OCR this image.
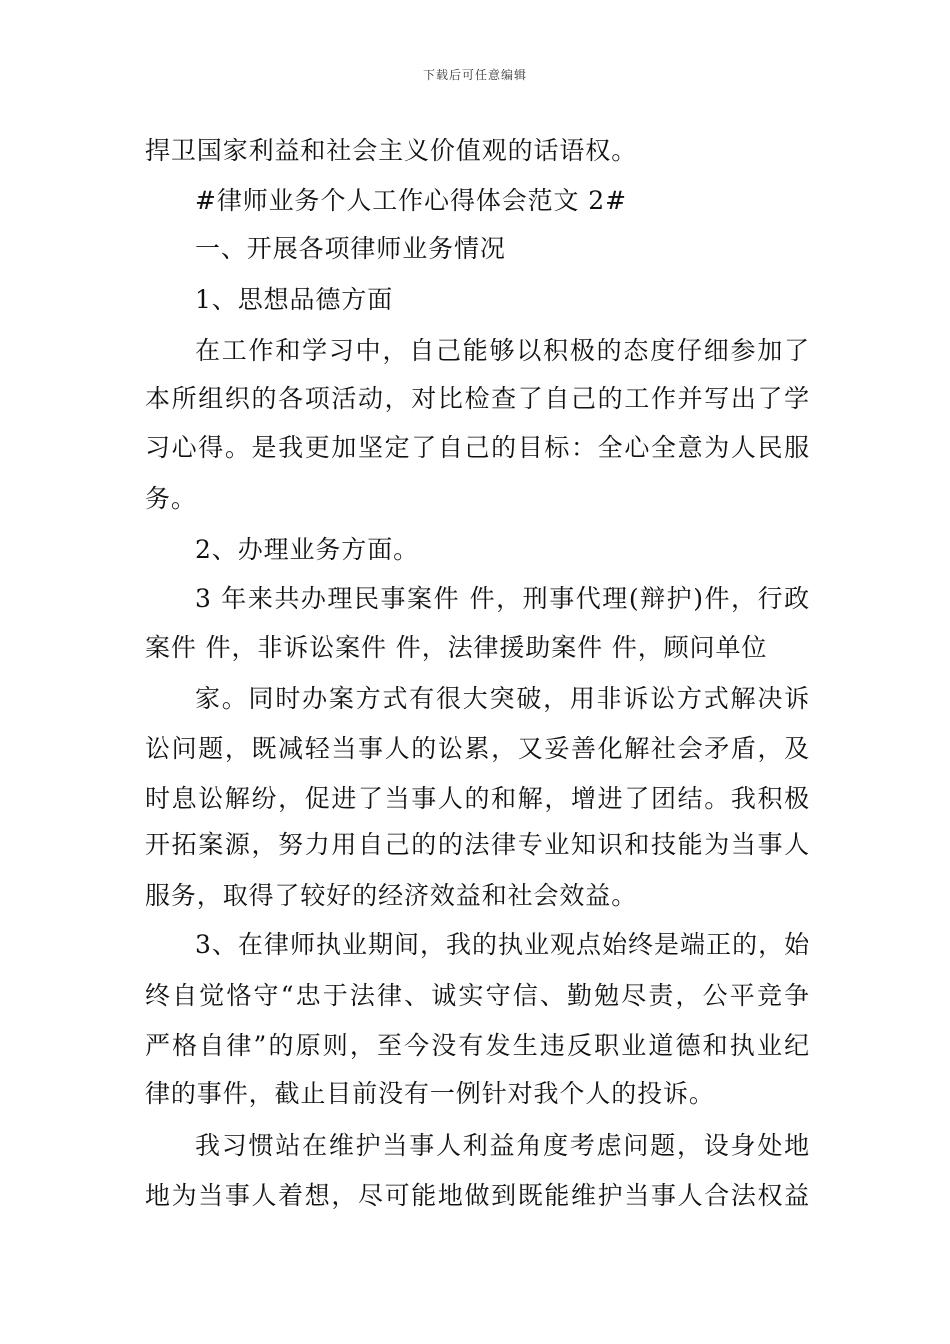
下载后可任意编辑
捍卫国家利益和社会主义价值观的话语权。
#律师业务个人工作心得体会范文 2#
一、开展各项律师业务情况
1、思想品德方面
在工作和学习中，自己能够以积极的态度仔细参加了
本所组织的各项活动，对比检查了自己的工作并写出了学
习心得。是我更加坚定了自己的目标：全心全意为人民服
务。
2、办理业务方面。
3 年来共办理民事案件 件，刑事代理(辩护)件，行政
案件 件，非诉讼案件 件，法律援助案件 件，顾问单位
家。同时办案方式有很大突破，用非诉讼方式解决诉
讼问题，既减轻当事人的讼累，又妥善化解社会矛盾，及
时息讼解纷，促进了当事人的和解，增进了团结。我积极
开拓案源，努力用自己的的法律专业知识和技能为当事人
服务，取得了较好的经济效益和社会效益。
3、在律师执业期间，我的执业观点始终是端正的，始
终自觉恪守“忠于法律、诚实守信、勤勉尽责，公平竞争
严格自律”的原则，至今没有发生违反职业道德和执业纪
律的事件，截止目前没有一例针对我个人的投诉。
我习惯站在维护当事人利益角度考虑问题，设身处地
地为当事人着想，尽可能地做到既能维护当事人合法权益
